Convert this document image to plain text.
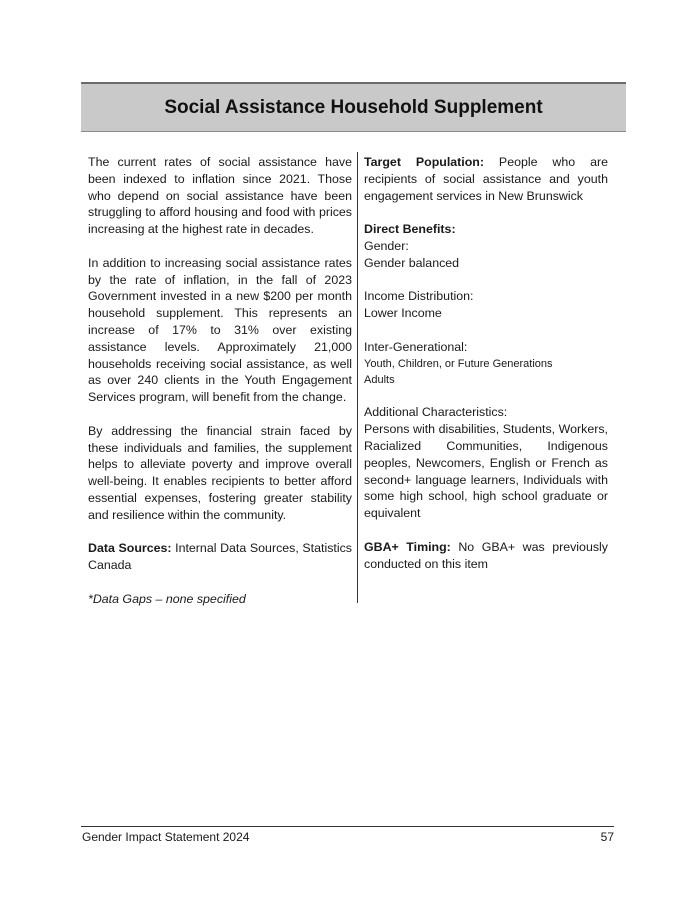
Social Assistance Household Supplement

The current rates of social assistance have been indexed to inflation since 2021. Those who depend on social assistance have been struggling to afford housing and food with prices increasing at the highest rate in decades.

In addition to increasing social assistance rates by the rate of inflation, in the fall of 2023 Government invested in a new $200 per month household supplement. This represents an increase of 17% to 31% over existing assistance levels. Approximately 21,000 households receiving social assistance, as well as over 240 clients in the Youth Engagement Services program, will benefit from the change.

By addressing the financial strain faced by these individuals and families, the supplement helps to alleviate poverty and improve overall well-being. It enables recipients to better afford essential expenses, fostering greater stability and resilience within the community.

Data Sources: Internal Data Sources, Statistics Canada

*Data Gaps – none specified

Target Population: People who are recipients of social assistance and youth engagement services in New Brunswick

Direct Benefits:

Gender:

Gender balanced

Income Distribution:

Lower Income

Inter-Generational:

Youth, Children, or Future Generations

Adults

Additional Characteristics:

Persons with disabilities, Students, Workers, Racialized Communities, Indigenous peoples, Newcomers, English or French as second+ language learners, Individuals with some high school, high school graduate or equivalent

GBA+ Timing: No GBA+ was previously conducted on this item

Gender Impact Statement 2024	57
